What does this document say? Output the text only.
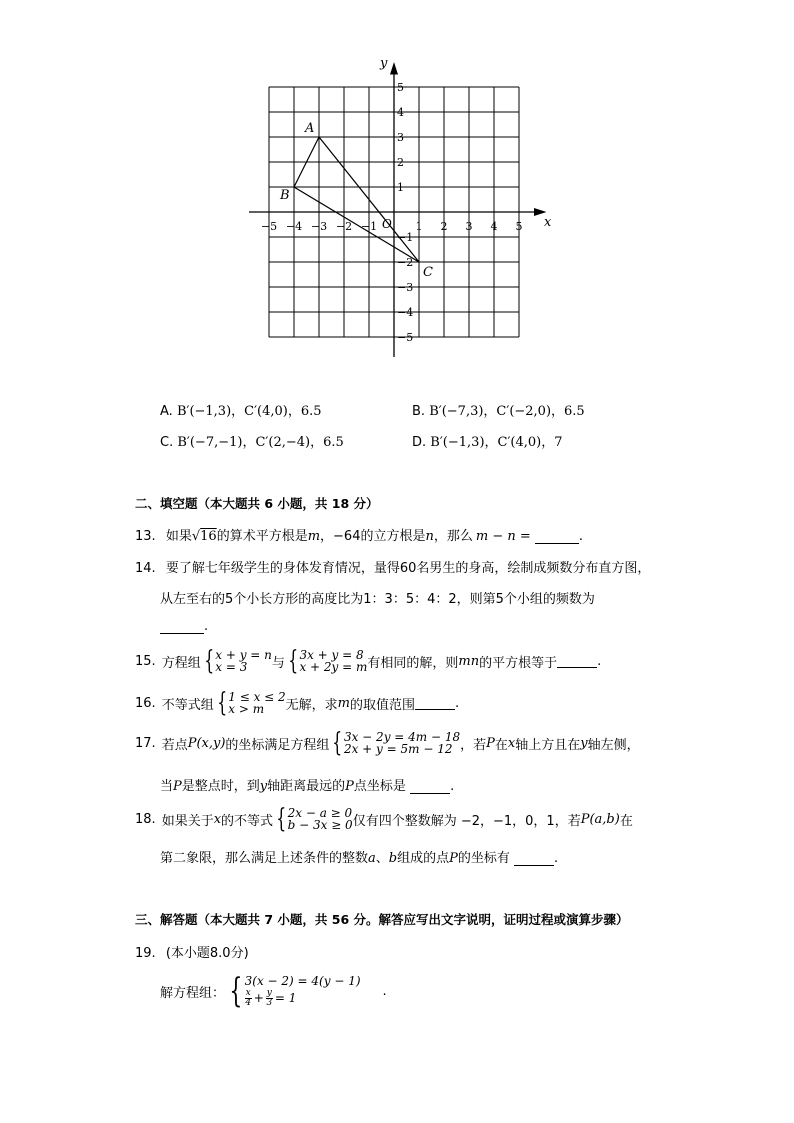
−5 −4 −3 −2 −1	1 2 3 4 5
5
4
3
2
1
−1
−2
−3
−4
−5
A
B
C
x
y
O
A. B′(−1,3)，C′(4,0)，6.5	B. B′(−7,3)，C′(−2,0)，6.5
C. B′(−7,−1)，C′(2,−4)，6.5	D. B′(−1,3)，C′(4,0)，7
二、填空题（本大题共 6 小题，共 18 分）
13. 如果√16的算术平方根是m，−64的立方根是n，那么 m − n =	.
14. 要了解七年级学生的身体发育情况，量得60名男生的身高，绘制成频数分布直方图，
从左至右的5个小长方形的高度比为1：3：5：4：2，则第5个小组的频数为
.
15. 方程组 { x + y = n
x = 3	与 { 3x + y = 8
x + 2y = m 有相同的解，则 mn 的平方根等于	.
16. 不等式组 { 1 ≤ x ≤ 2
x > m	无解，求 m 的取值范围	.
17. 若点 P(x,y) 的坐标满足方程组 { 3x − 2y = 4m − 18
2x + y = 5m − 12 ，若 P 在 x 轴上方且在 y 轴左侧，
当P是整点时，到y轴距离最远的P点坐标是	.
18. 如果关于 x 的不等式 { 2x − a ≥ 0
b − 3x ≥ 0 仅有四个整数解为 −2，−1，0，1，若 P(a,b) 在
第二象限，那么满足上述条件的整数a、b组成的点P的坐标有	.
三、解答题（本大题共 7 小题，共 56 分。解答应写出文字说明，证明过程或演算步骤）
19. (本小题8.0分)
解方程组： { 3(x − 2) = 4(y − 1)
$\frac{x}{4} + \frac{y}{3} = 1$	.
